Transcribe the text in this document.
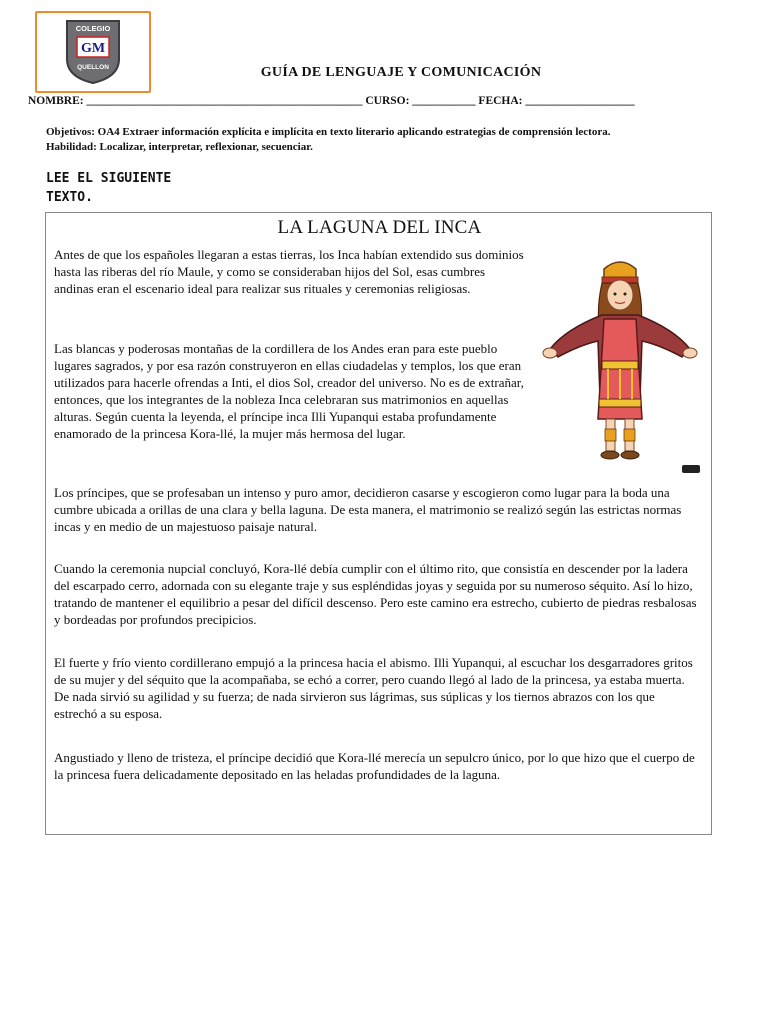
COLEGIO
GM
QUELLON	GUÍA DE LENGUAJE Y COMUNICACIÓN
NOMBRE: ________________________________________________ CURSO: ___________ FECHA: ___________________
Objetivos: OA4 Extraer información explícita e implícita en texto literario aplicando estrategias de comprensión lectora.
Habilidad: Localizar, interpretar, reflexionar, secuenciar.
LEE EL SIGUIENTE
TEXTO.
LA LAGUNA DEL INCA

Antes de que los españoles llegaran a estas tierras, los Inca habían extendido sus dominios hasta las riberas del río Maule, y como se consideraban hijos del Sol, esas cumbres andinas eran el escenario ideal para realizar sus rituales y ceremonias religiosas.

Las blancas y poderosas montañas de la cordillera de los Andes eran para este pueblo lugares sagrados, y por esa razón construyeron en ellas ciudadelas y templos, los que eran utilizados para hacerle ofrendas a Inti, el dios Sol, creador del universo. No es de extrañar, entonces, que los integrantes de la nobleza Inca celebraran sus matrimonios en aquellas alturas. Según cuenta la leyenda, el príncipe inca Illi Yupanqui estaba profundamente enamorado de la princesa Kora-llé, la mujer más hermosa del lugar.

Los príncipes, que se profesaban un intenso y puro amor, decidieron casarse y escogieron como lugar para la boda una cumbre ubicada a orillas de una clara y bella laguna. De esta manera, el matrimonio se realizó según las estrictas normas incas y en medio de un majestuoso paisaje natural.

Cuando la ceremonia nupcial concluyó, Kora-llé debía cumplir con el último rito, que consistía en descender por la ladera del escarpado cerro, adornada con su elegante traje y sus espléndidas joyas y seguida por su numeroso séquito. Así lo hizo, tratando de mantener el equilibrio a pesar del difícil descenso. Pero este camino era estrecho, cubierto de piedras resbalosas y bordeadas por profundos precipicios.

El fuerte y frío viento cordillerano empujó a la princesa hacia el abismo. Illi Yupanqui, al escuchar los desgarradores gritos de su mujer y del séquito que la acompañaba, se echó a correr, pero cuando llegó al lado de la princesa, ya estaba muerta. De nada sirvió su agilidad y su fuerza; de nada sirvieron sus lágrimas, sus súplicas y los tiernos abrazos con los que estrechó a su esposa.

Angustiado y lleno de tristeza, el príncipe decidió que Kora-llé merecía un sepulcro único, por lo que hizo que el cuerpo de la princesa fuera delicadamente depositado en las heladas profundidades de la laguna.
